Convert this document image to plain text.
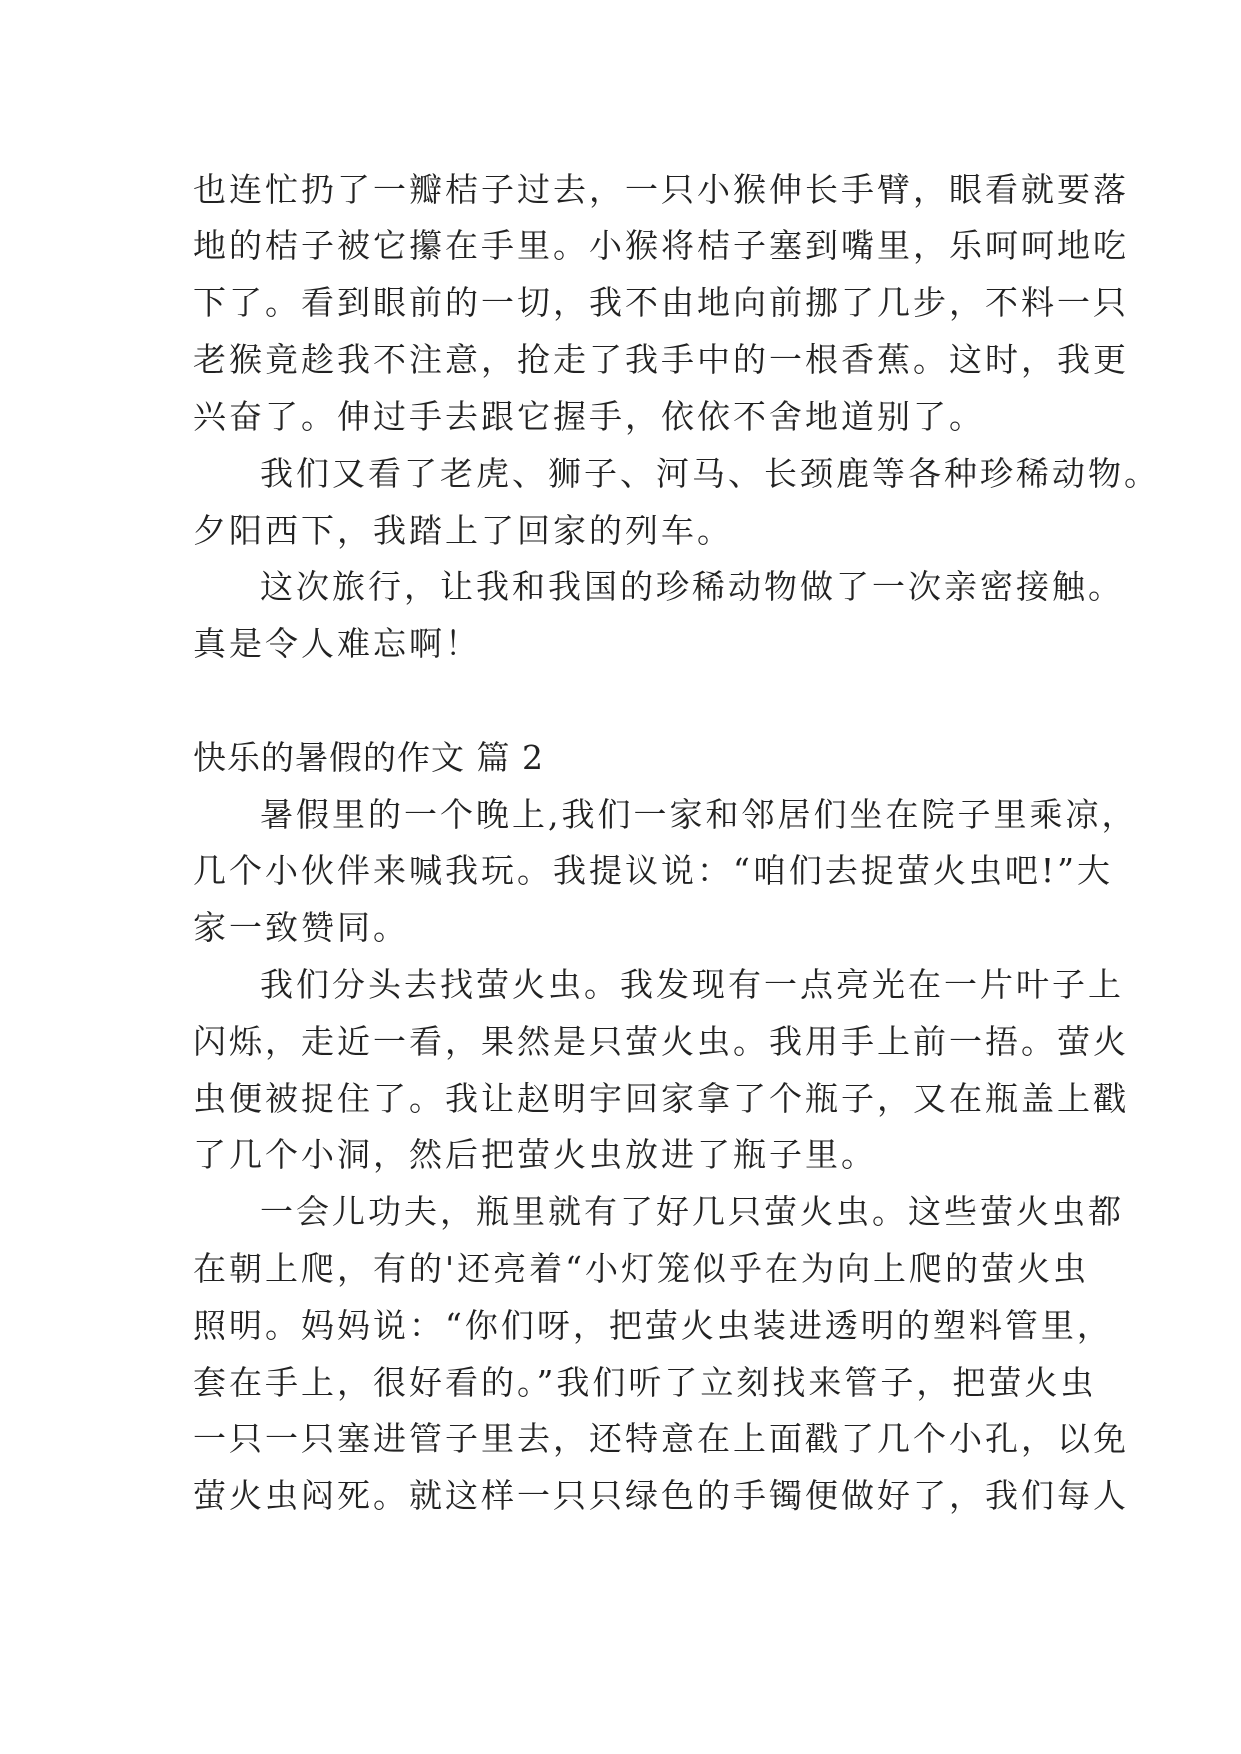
也连忙扔了一瓣桔子过去，一只小猴伸长手臂，眼看就要落
地的桔子被它攥在手里。小猴将桔子塞到嘴里，乐呵呵地吃
下了。看到眼前的一切，我不由地向前挪了几步，不料一只
老猴竟趁我不注意，抢走了我手中的一根香蕉。这时，我更
兴奋了。伸过手去跟它握手，依依不舍地道别了。
我们又看了老虎、狮子、河马、长颈鹿等各种珍稀动物。
夕阳西下，我踏上了回家的列车。
这次旅行，让我和我国的珍稀动物做了一次亲密接触。
真是令人难忘啊！
快乐的暑假的作文 篇 2
暑假里的一个晚上,我们一家和邻居们坐在院子里乘凉，
几个小伙伴来喊我玩。我提议说：“咱们去捉萤火虫吧!”大
家一致赞同。
我们分头去找萤火虫。我发现有一点亮光在一片叶子上
闪烁，走近一看，果然是只萤火虫。我用手上前一捂。萤火
虫便被捉住了。我让赵明宇回家拿了个瓶子，又在瓶盖上戳
了几个小洞，然后把萤火虫放进了瓶子里。
一会儿功夫，瓶里就有了好几只萤火虫。这些萤火虫都
在朝上爬，有的'还亮着“小灯笼似乎在为向上爬的萤火虫
照明。妈妈说：“你们呀，把萤火虫装进透明的塑料管里，
套在手上，很好看的。”我们听了立刻找来管子，把萤火虫
一只一只塞进管子里去，还特意在上面戳了几个小孔，以免
萤火虫闷死。就这样一只只绿色的手镯便做好了，我们每人
